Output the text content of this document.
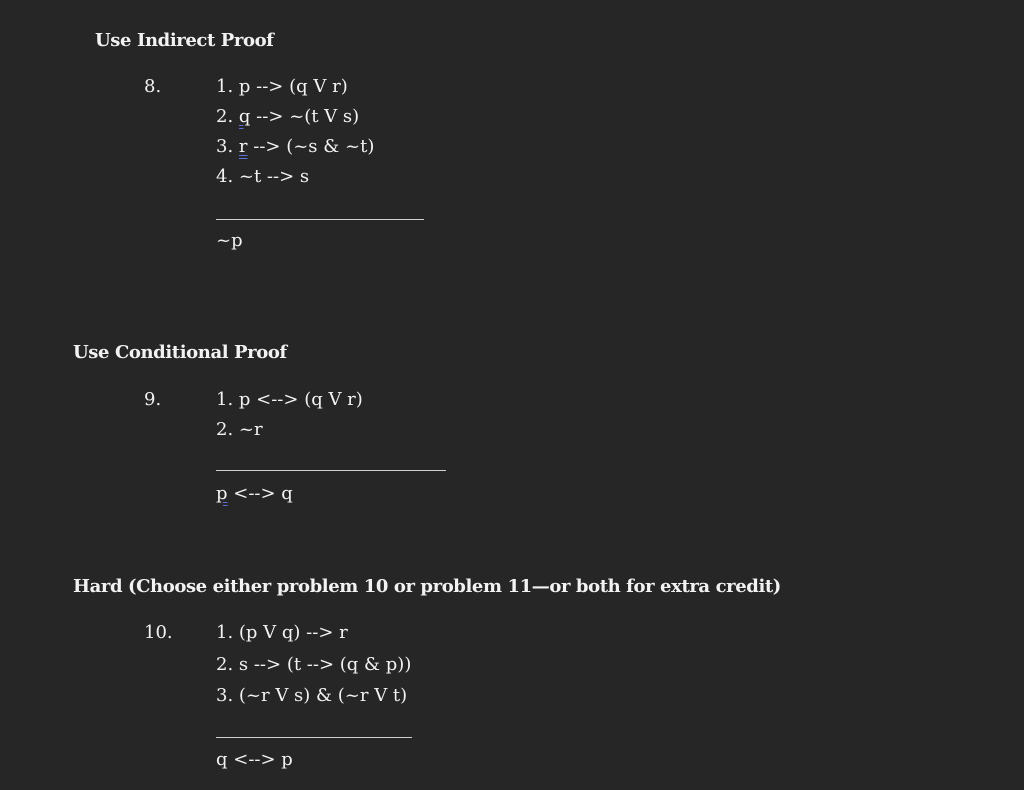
Use Indirect Proof
8.	1. p --> (q V r)
2. q --> ~(t V s)
3. r --> (~s & ~t)
4. ~t --> s
~p
Use Conditional Proof
9.	1. p <--> (q V r)
2. ~r
p <--> q
Hard (Choose either problem 10 or problem 11—or both for extra credit)
10. 1. (p V q) --> r
2. s --> (t --> (q & p))
3. (~r V s) & (~r V t)
q <--> p
